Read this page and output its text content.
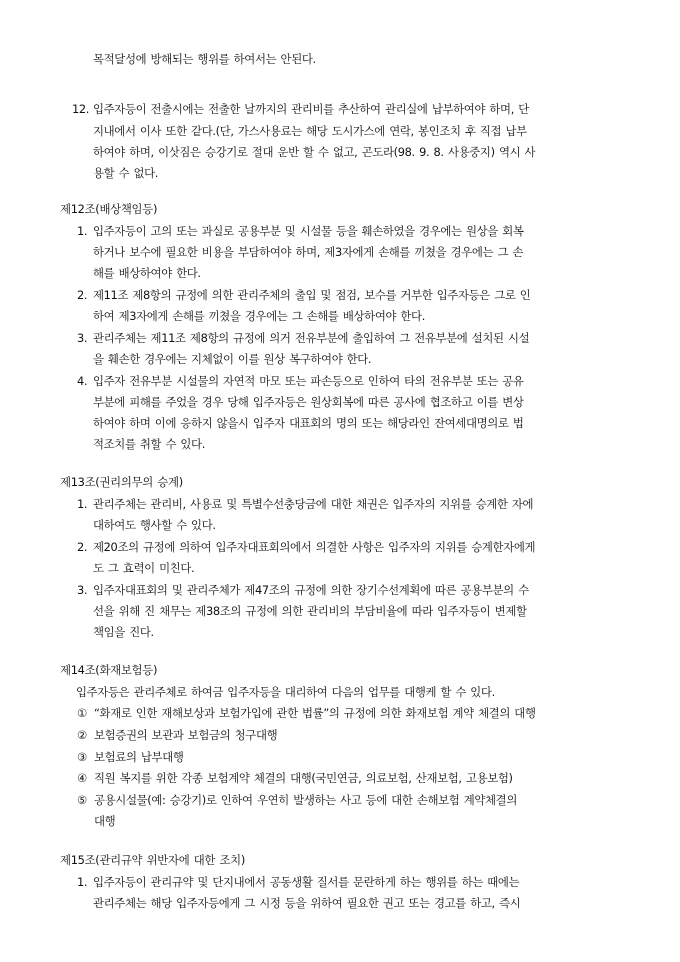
목적달성에 방해되는 행위를 하여서는 안된다.
12. 입주자등이 전출시에는 전출한 날까지의 관리비를 추산하여 관리실에 납부하여야 하며, 단
지내에서 이사 또한 같다.(단, 가스사용료는 해당 도시가스에 연락, 봉인조치 후 직접 납부
하여야 하며, 이삿짐은 승강기로 절대 운반 할 수 없고, 곤도라(98. 9. 8. 사용중지) 역시 사
용할 수 없다.
제12조(배상책임등)
1. 입주자등이 고의 또는 과실로 공용부분 및 시설물 등을 훼손하였을 경우에는 원상을 회복
하거나 보수에 필요한 비용을 부담하여야 하며, 제3자에게 손해를 끼쳤을 경우에는 그 손
해를 배상하여야 한다.
2. 제11조 제8항의 규정에 의한 관리주체의 출입 및 점검, 보수를 거부한 입주자등은 그로 인
하여 제3자에게 손해를 끼쳤을 경우에는 그 손해를 배상하여야 한다.
3. 관리주체는 제11조 제8항의 규정에 의거 전유부분에 출입하여 그 전유부분에 설치된 시설
을 훼손한 경우에는 지체없이 이를 원상 복구하여야 한다.
4. 입주자 전유부분 시설물의 자연적 마모 또는 파손등으로 인하여 타의 전유부분 또는 공유
부분에 피해를 주었을 경우 당해 입주자등은 원상회복에 따른 공사에 협조하고 이를 변상
하여야 하며 이에 응하지 않을시 입주자 대표회의 명의 또는 해당라인 잔여세대명의로 법
적조치를 취할 수 있다.
제13조(권리의무의 승계)
1. 관리주체는 관리비, 사용료 및 특별수선충당금에 대한 채권은 입주자의 지위를 승계한 자에
대하여도 행사할 수 있다.
2. 제20조의 규정에 의하여 입주자대표회의에서 의결한 사항은 입주자의 지위를 승계한자에게
도 그 효력이 미친다.
3. 입주자대표회의 및 관리주체가 제47조의 규정에 의한 장기수선계획에 따른 공용부분의 수
선을 위해 진 채무는 제38조의 규정에 의한 관리비의 부담비율에 따라 입주자등이 변제할
책임을 진다.
제14조(화재보험등)
입주자등은 관리주체로 하여금 입주자등을 대리하여 다음의 업무를 대행케 할 수 있다.
① “화재로 인한 재해보상과 보험가입에 관한 법률”의 규정에 의한 화재보험 계약 체결의 대행
② 보험증권의 보관과 보험금의 청구대행
③ 보험료의 납부대행
④ 직원 복지를 위한 각종 보험계약 체결의 대행(국민연금, 의료보험, 산재보험, 고용보험)
⑤ 공용시설물(예: 승강기)로 인하여 우연히 발생하는 사고 등에 대한 손해보험 계약체결의
대행
제15조(관리규약 위반자에 대한 조치)
1. 입주자등이 관리규약 및 단지내에서 공동생활 질서를 문란하게 하는 행위를 하는 때에는
관리주체는 해당 입주자등에게 그 시정 등을 위하여 필요한 권고 또는 경고를 하고, 즉시
